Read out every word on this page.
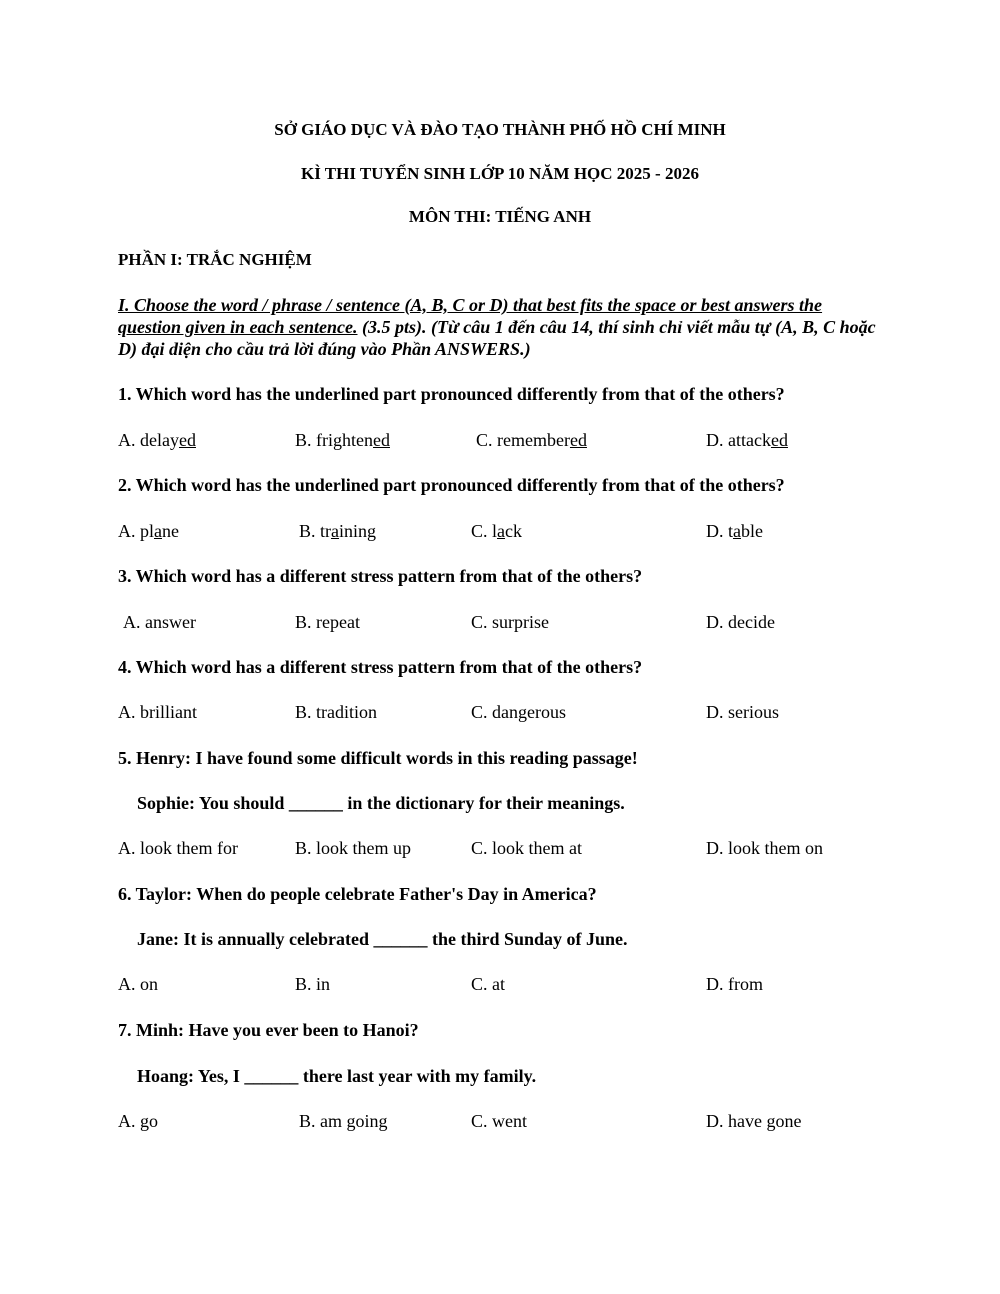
SỞ GIÁO DỤC VÀ ĐÀO TẠO THÀNH PHỐ HỒ CHÍ MINH
KÌ THI TUYỂN SINH LỚP 10 NĂM HỌC 2025 - 2026
MÔN THI: TIẾNG ANH
PHẦN I: TRẮC NGHIỆM
I. Choose the word / phrase / sentence (A, B, C or D) that best fits the space or best answers the question given in each sentence. (3.5 pts). (Từ câu 1 đến câu 14, thí sinh chỉ viết mẫu tự (A, B, C hoặc D) đại diện cho cầu trả lời đúng vào Phần ANSWERS.)
1. Which word has the underlined part pronounced differently from that of the others?
A. delayed	B. frightened	C. remembered	D. attacked
2. Which word has the underlined part pronounced differently from that of the others?
A. plane	B. training	C. lack	D. table
3. Which word has a different stress pattern from that of the others?
A. answer	B. repeat	C. surprise	D. decide
4. Which word has a different stress pattern from that of the others?
A. brilliant	B. tradition	C. dangerous	D. serious
5. Henry: I have found some difficult words in this reading passage!
Sophie: You should ______ in the dictionary for their meanings.
A. look them for	B. look them up	C. look them at	D. look them on
6. Taylor: When do people celebrate Father's Day in America?
Jane: It is annually celebrated ______ the third Sunday of June.
A. on	B. in	C. at	D. from
7. Minh: Have you ever been to Hanoi?
Hoang: Yes, I ______ there last year with my family.
A. go	B. am going	C. went	D. have gone
